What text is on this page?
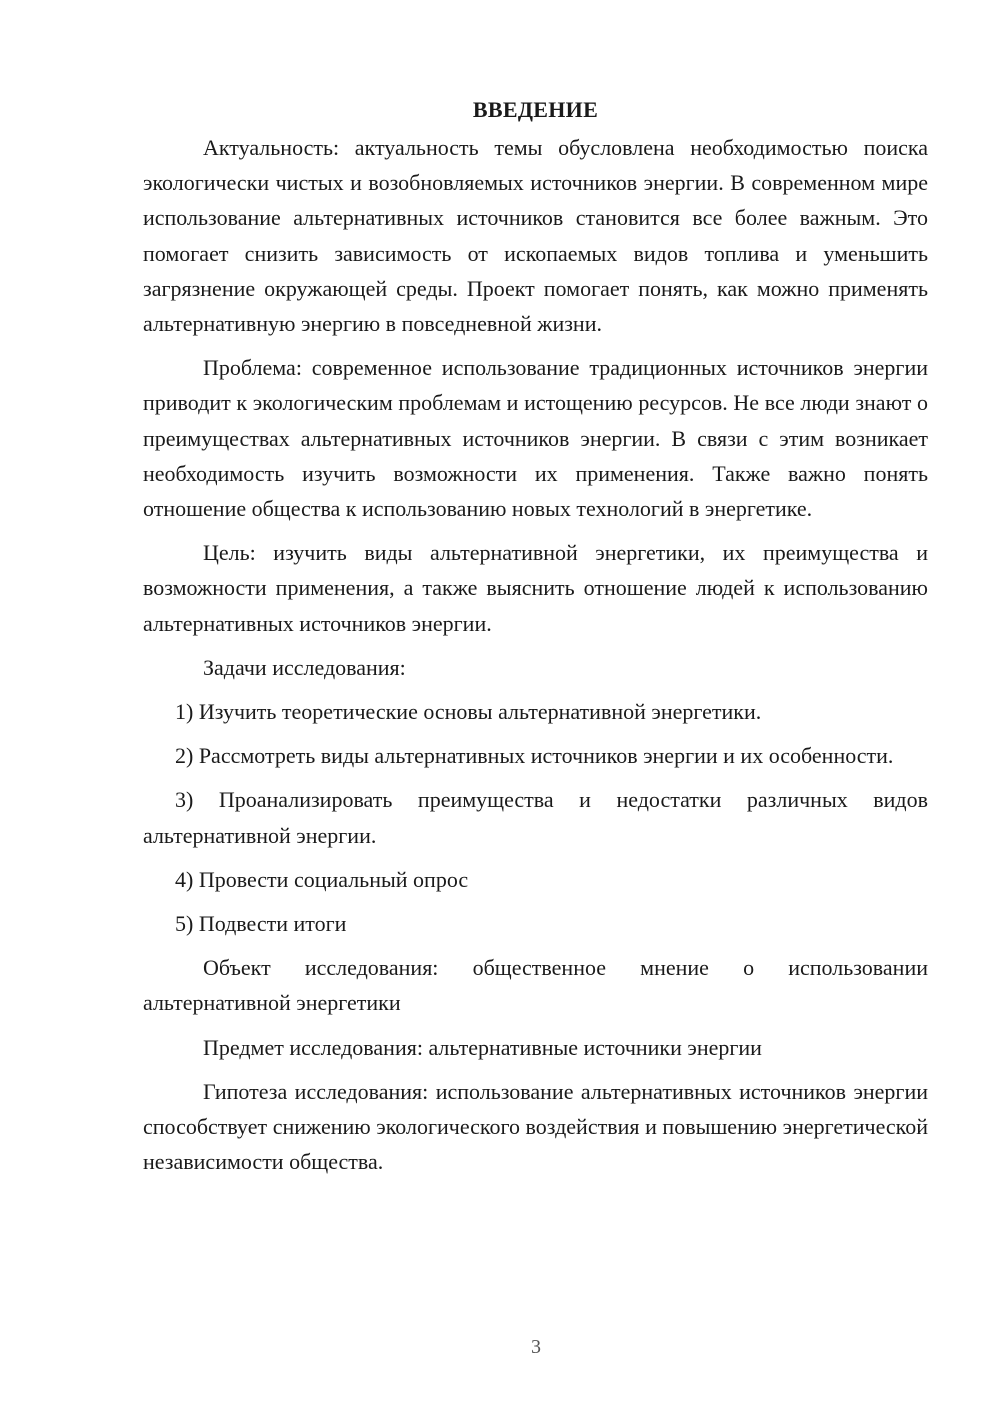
ВВЕДЕНИЕ

Актуальность: актуальность темы обусловлена необходимостью поиска экологически чистых и возобновляемых источников энергии. В современном мире использование альтернативных источников становится все более важным. Это помогает снизить зависимость от ископаемых видов топлива и уменьшить загрязнение окружающей среды. Проект помогает понять, как можно применять альтернативную энергию в повседневной жизни.

Проблема: современное использование традиционных источников энергии приводит к экологическим проблемам и истощению ресурсов. Не все люди знают о преимуществах альтернативных источников энергии. В связи с этим возникает необходимость изучить возможности их применения. Также важно понять отношение общества к использованию новых технологий в энергетике.

Цель: изучить виды альтернативной энергетики, их преимущества и возможности применения, а также выяснить отношение людей к использованию альтернативных источников энергии.

Задачи исследования:

1) Изучить теоретические основы альтернативной энергетики.

2) Рассмотреть виды альтернативных источников энергии и их особенности.

3) Проанализировать преимущества и недостатки различных видов альтернативной энергии.

4) Провести социальный опрос

5) Подвести итоги

Объект исследования: общественное мнение о использовании альтернативной энергетики

Предмет исследования: альтернативные источники энергии

Гипотеза исследования: использование альтернативных источников энергии способствует снижению экологического воздействия и повышению энергетической независимости общества.

3
